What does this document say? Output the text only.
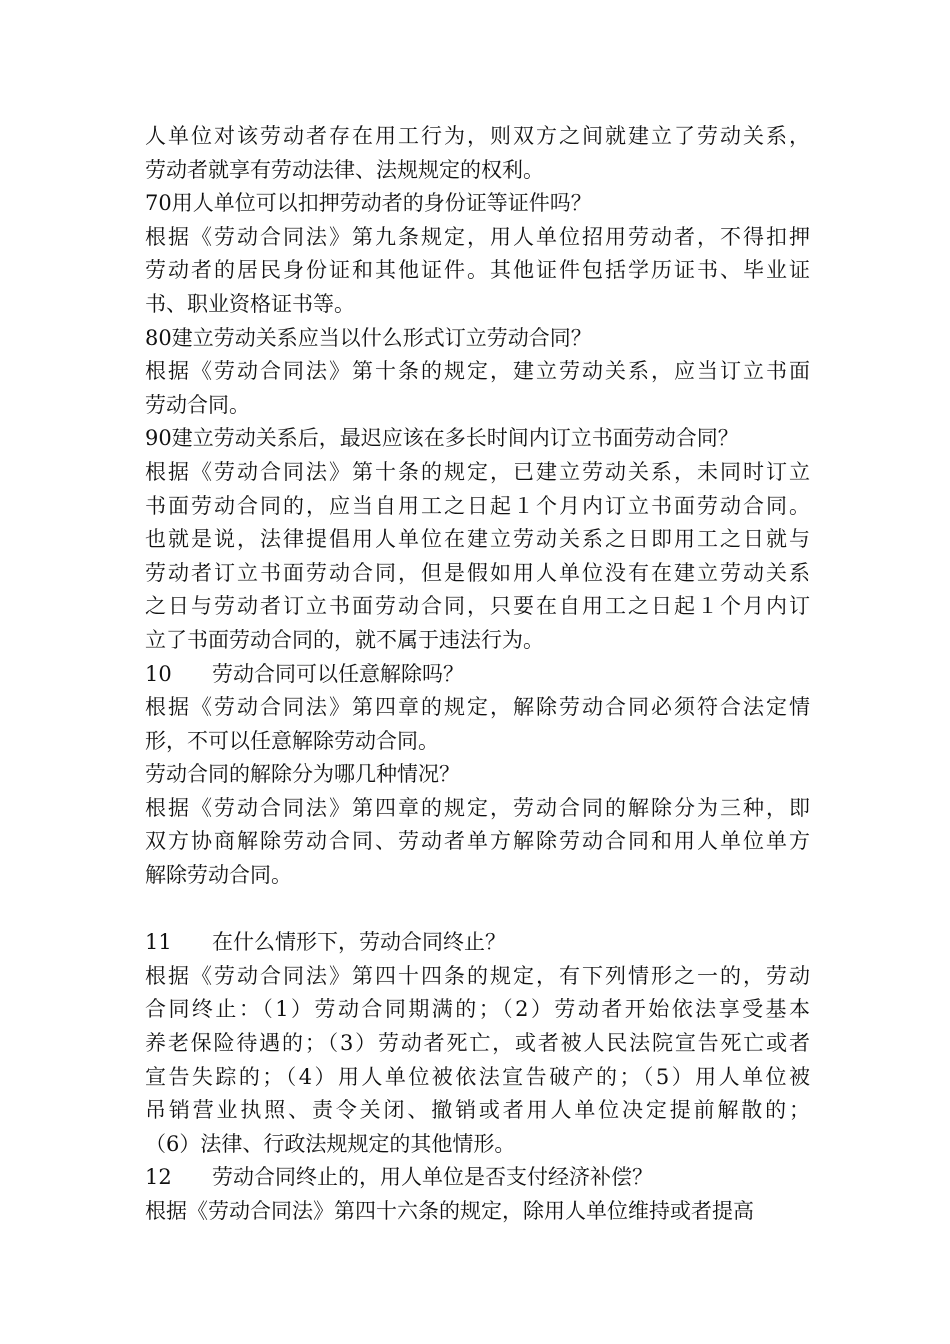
人单位对该劳动者存在用工行为，则双方之间就建立了劳动关系，
劳动者就享有劳动法律、法规规定的权利。
70用人单位可以扣押劳动者的身份证等证件吗？
根据《劳动合同法》第九条规定，用人单位招用劳动者，不得扣押
劳动者的居民身份证和其他证件。其他证件包括学历证书、毕业证
书、职业资格证书等。
80建立劳动关系应当以什么形式订立劳动合同？
根据《劳动合同法》第十条的规定，建立劳动关系，应当订立书面
劳动合同。
90建立劳动关系后，最迟应该在多长时间内订立书面劳动合同？
根据《劳动合同法》第十条的规定，已建立劳动关系，未同时订立
书面劳动合同的，应当自用工之日起１个月内订立书面劳动合同。
也就是说，法律提倡用人单位在建立劳动关系之日即用工之日就与
劳动者订立书面劳动合同，但是假如用人单位没有在建立劳动关系
之日与劳动者订立书面劳动合同，只要在自用工之日起１个月内订
立了书面劳动合同的，就不属于违法行为。
10 劳动合同可以任意解除吗？
根据《劳动合同法》第四章的规定，解除劳动合同必须符合法定情
形，不可以任意解除劳动合同。
劳动合同的解除分为哪几种情况？
根据《劳动合同法》第四章的规定，劳动合同的解除分为三种，即
双方协商解除劳动合同、劳动者单方解除劳动合同和用人单位单方
解除劳动合同。
11 在什么情形下，劳动合同终止？
根据《劳动合同法》第四十四条的规定，有下列情形之一的，劳动
合同终止：（1）劳动合同期满的；（2）劳动者开始依法享受基本
养老保险待遇的；（3）劳动者死亡，或者被人民法院宣告死亡或者
宣告失踪的；（4）用人单位被依法宣告破产的；（5）用人单位被
吊销营业执照、责令关闭、撤销或者用人单位决定提前解散的；
（6）法律、行政法规规定的其他情形。
12 劳动合同终止的，用人单位是否支付经济补偿？
根据《劳动合同法》第四十六条的规定，除用人单位维持或者提高
